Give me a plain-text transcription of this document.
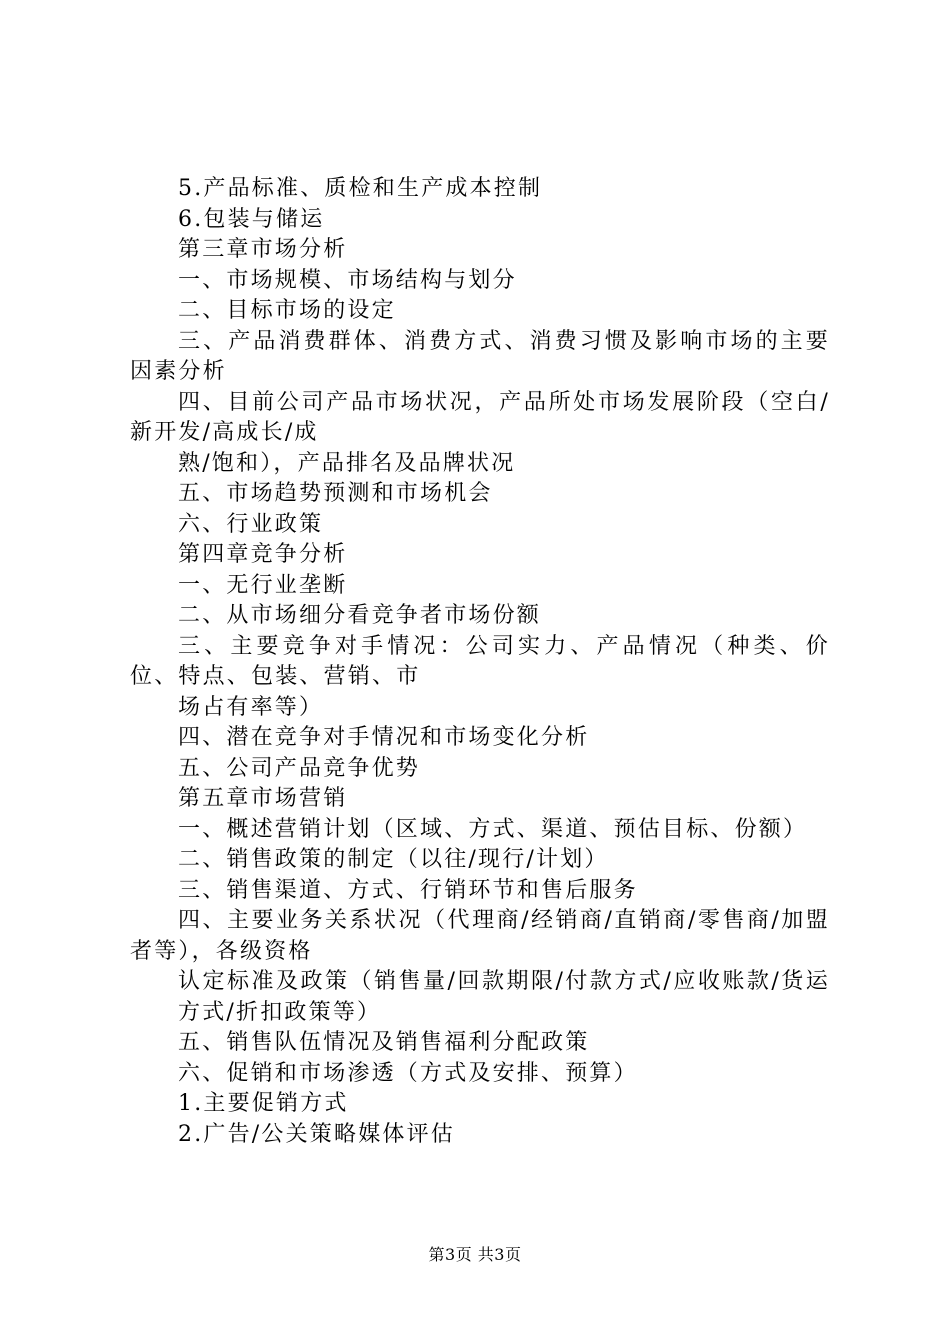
5.产品标准、质检和生产成本控制

6.包装与储运

第三章市场分析

一、市场规模、市场结构与划分

二、目标市场的设定

三、产品消费群体、消费方式、消费习惯及影响市场的主要因素分析

四、目前公司产品市场状况，产品所处市场发展阶段（空白/新开发/高成长/成

熟/饱和），产品排名及品牌状况

五、市场趋势预测和市场机会

六、行业政策

第四章竞争分析

一、无行业垄断

二、从市场细分看竞争者市场份额

三、主要竞争对手情况：公司实力、产品情况（种类、价位、特点、包装、营销、市

场占有率等）

四、潜在竞争对手情况和市场变化分析

五、公司产品竞争优势

第五章市场营销

一、概述营销计划（区域、方式、渠道、预估目标、份额）

二、销售政策的制定（以往/现行/计划）

三、销售渠道、方式、行销环节和售后服务

四、主要业务关系状况（代理商/经销商/直销商/零售商/加盟者等），各级资格

认定标准及政策（销售量/回款期限/付款方式/应收账款/货运方式/折扣政策等）

五、销售队伍情况及销售福利分配政策

六、促销和市场渗透（方式及安排、预算）

1.主要促销方式

2.广告/公关策略媒体评估

第3页 共3页
